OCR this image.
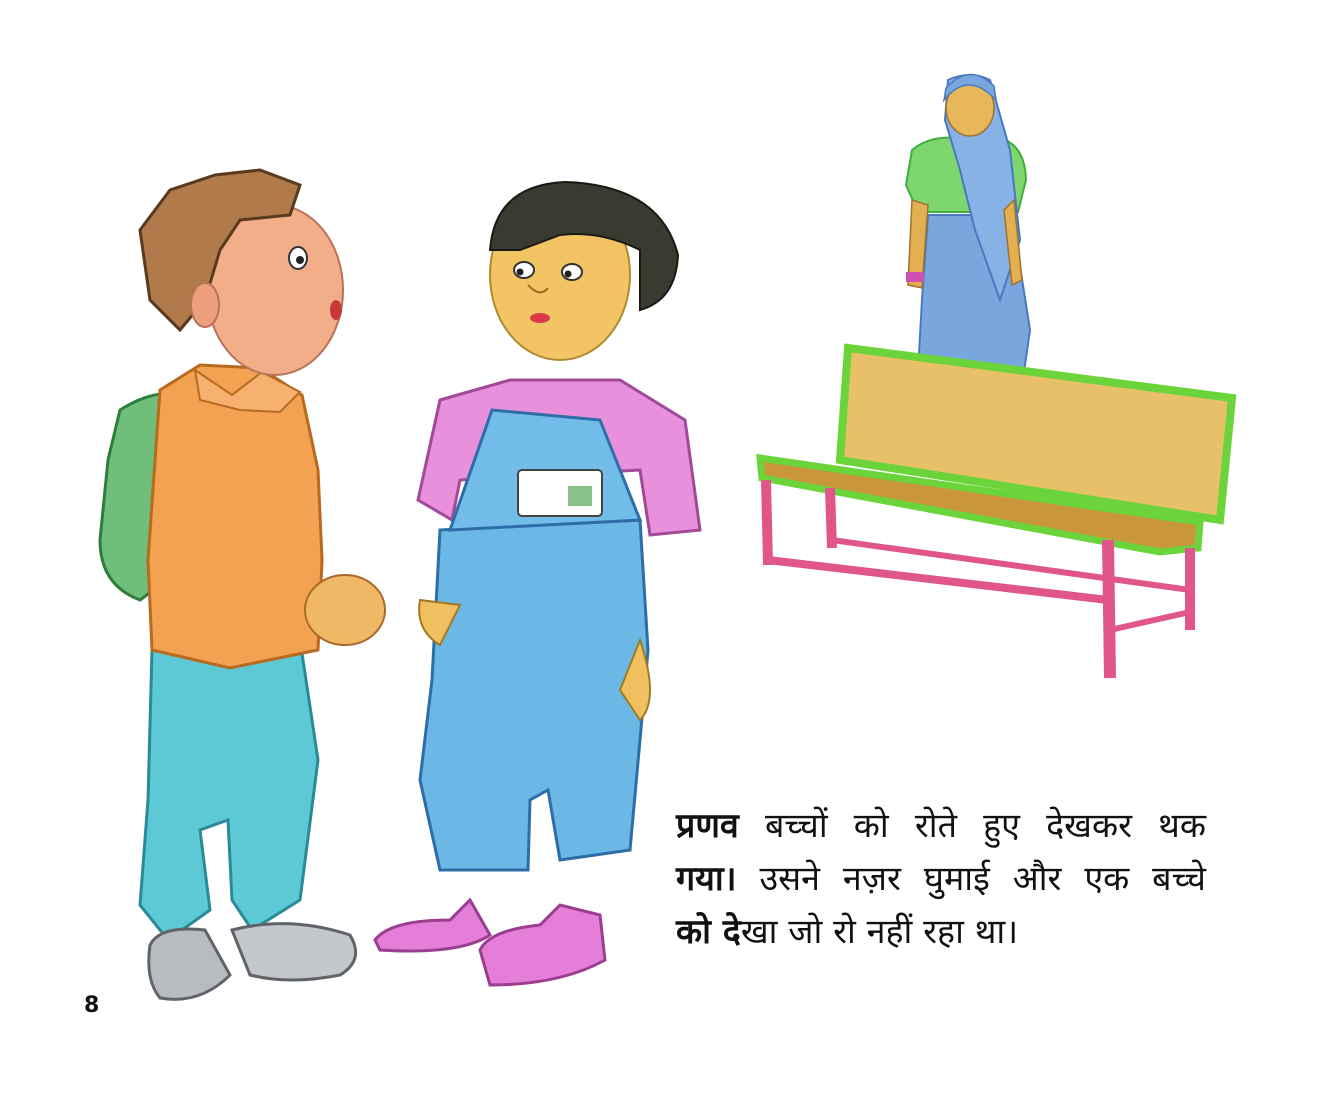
प्रणव बच्चों को रोते हुए देखकर थक
गया। उसने नज़र घुमाई और एक बच्चे
को देखा जो रो नहीं रहा था।
8
